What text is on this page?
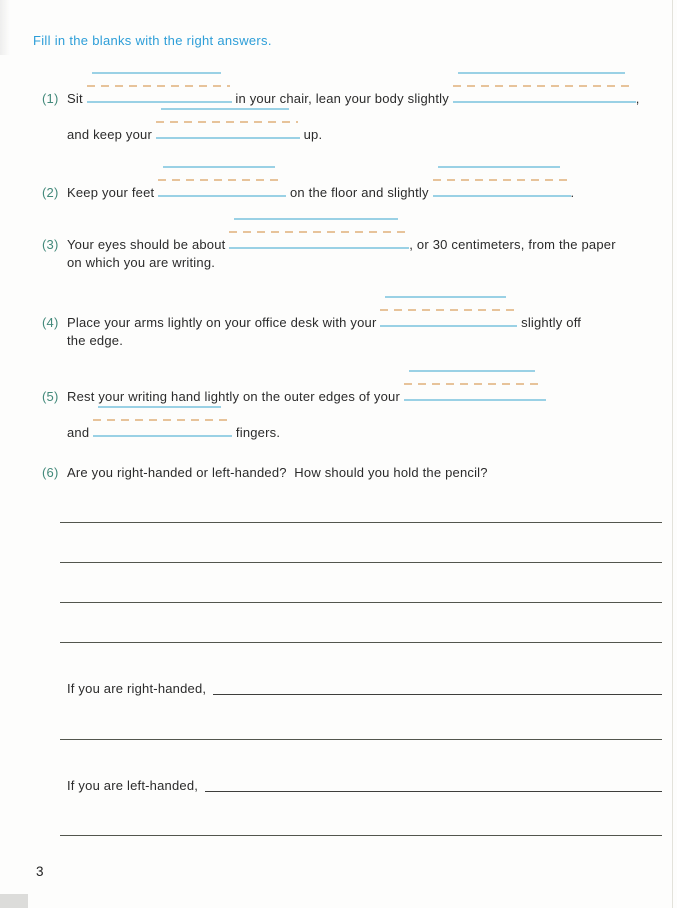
Fill in the blanks with the right answers.
(1) Sit	in your chair, lean your body slightly	,
and keep your	up.
(2) Keep your feet	on the floor and slightly	.
(3) Your eyes should be about	, or 30 centimeters, from the paper
on which you are writing.
(4) Place your arms lightly on your office desk with your	slightly off
the edge.
(5) Rest your writing hand lightly on the outer edges of your
and	fingers.
(6) Are you right-handed or left-handed?  How should you hold the pencil?
If you are right-handed,
If you are left-handed,
3
